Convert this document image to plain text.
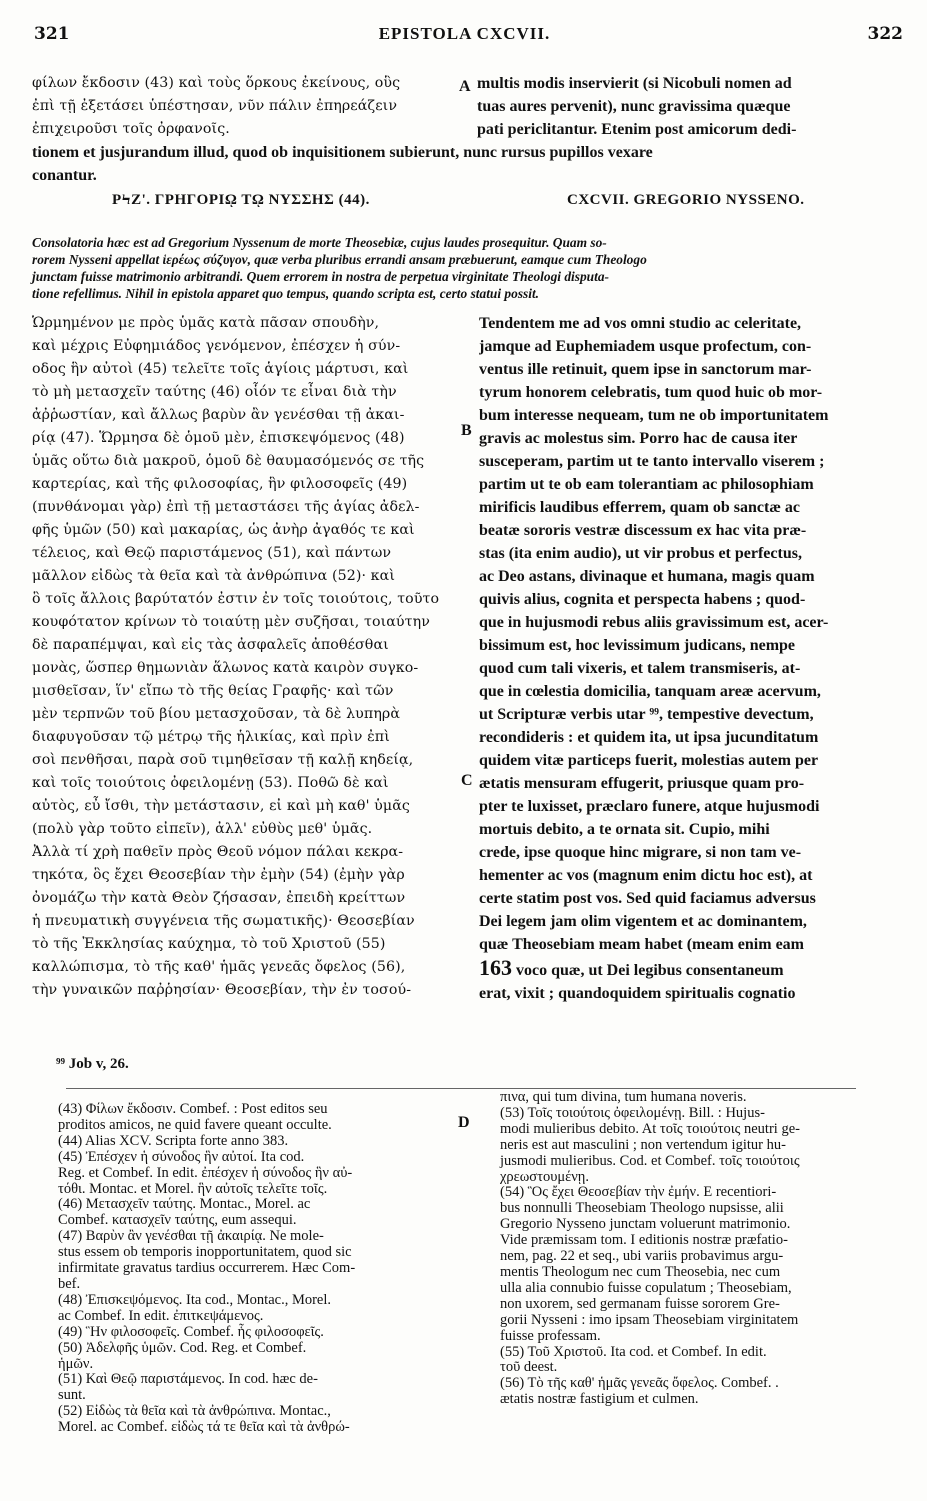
321	EPISTOLA CXCVII.	322
φίλων ἔκδοσιν (43) καὶ τοὺς ὅρκους ἐκείνους, οὓς
ἐπὶ τῇ ἐξετάσει ὑπέστησαν, νῦν πάλιν ἐπηρεάζειν
ἐπιχειροῦσι τοῖς ὀρφανοῖς.
A multis modis inservierit (si Nicobuli nomen ad
tuas aures pervenit), nunc gravissima quæque
pati periclitantur. Etenim post amicorum dedi-
tionem et jusjurandum illud, quod ob inquisitionem subierunt, nunc rursus pupillos vexare
conantur.
ΡϞΖ'. ΓΡΗΓΟΡΙῼ Τῼ ΝΥΣΣΗΣ (44).	CXCVII. GREGORIO NYSSENO.
Consolatoria hæc est ad Gregorium Nyssenum de morte Theosebiæ, cujus laudes prosequitur. Quam so-
rorem Nysseni appellat ἱερέως σύζυγον, quæ verba pluribus errandi ansam præbuerunt, eamque cum Theologo
junctam fuisse matrimonio arbitrandi. Quem errorem in nostra de perpetua virginitate Theologi disputa-
tione refellimus. Nihil in epistola apparet quo tempus, quando scripta est, certo statui possit.
Ὡρμημένον με πρὸς ὑμᾶς κατὰ πᾶσαν σπουδὴν,
καὶ μέχρις Εὐφημιάδος γενόμενον, ἐπέσχεν ἡ σύν-
οδος ἣν αὐτοὶ (45) τελεῖτε τοῖς ἁγίοις μάρτυσι, καὶ
τὸ μὴ μετασχεῖν ταύτης (46) οἷόν τε εἶναι διὰ τὴν
ἀῤῥωστίαν, καὶ ἄλλως βαρὺν ἂν γενέσθαι τῇ ἀκαι-
ρίᾳ (47). Ὥρμησα δὲ ὁμοῦ μὲν, ἐπισκεψόμενος (48)
ὑμᾶς οὕτω διὰ μακροῦ, ὁμοῦ δὲ θαυμασόμενός σε τῆς
καρτερίας, καὶ τῆς φιλοσοφίας, ἣν φιλοσοφεῖς (49)
(πυνθάνομαι γὰρ) ἐπὶ τῇ μεταστάσει τῆς ἁγίας ἀδελ-
φῆς ὑμῶν (50) καὶ μακαρίας, ὡς ἀνὴρ ἀγαθός τε καὶ
τέλειος, καὶ Θεῷ παριστάμενος (51), καὶ πάντων
μᾶλλον εἰδὼς τὰ θεῖα καὶ τὰ ἀνθρώπινα (52)· καὶ
ὃ τοῖς ἄλλοις βαρύτατόν ἐστιν ἐν τοῖς τοιούτοις, τοῦτο
κουφότατον κρίνων τὸ τοιαύτῃ μὲν συζῆσαι, τοιαύτην
δὲ παραπέμψαι, καὶ εἰς τὰς ἀσφαλεῖς ἀποθέσθαι
μονὰς, ὥσπερ θημωνιὰν ἅλωνος κατὰ καιρὸν συγκο-
μισθεῖσαν, ἵν' εἴπω τὸ τῆς θείας Γραφῆς· καὶ τῶν
μὲν τερπνῶν τοῦ βίου μετασχοῦσαν, τὰ δὲ λυπηρὰ
διαφυγοῦσαν τῷ μέτρῳ τῆς ἡλικίας, καὶ πρὶν ἐπὶ
σοὶ πενθῆσαι, παρὰ σοῦ τιμηθεῖσαν τῇ καλῇ κηδείᾳ,
καὶ τοῖς τοιούτοις ὀφειλομένῃ (53). Ποθῶ δὲ καὶ
αὐτὸς, εὖ ἴσθι, τὴν μετάστασιν, εἰ καὶ μὴ καθ' ὑμᾶς
(πολὺ γὰρ τοῦτο εἰπεῖν), ἀλλ' εὐθὺς μεθ' ὑμᾶς.
Ἀλλὰ τί χρὴ παθεῖν πρὸς Θεοῦ νόμον πάλαι κεκρα-
τηκότα, ὃς ἔχει Θεοσεβίαν τὴν ἐμὴν (54) (ἐμὴν γὰρ
ὀνομάζω τὴν κατὰ Θεὸν ζήσασαν, ἐπειδὴ κρείττων
ἡ πνευματικὴ συγγένεια τῆς σωματικῆς)· Θεοσεβίαν
τὸ τῆς Ἐκκλησίας καύχημα, τὸ τοῦ Χριστοῦ (55)
καλλώπισμα, τὸ τῆς καθ' ἡμᾶς γενεᾶς ὄφελος (56),
τὴν γυναικῶν παῤῥησίαν· Θεοσεβίαν, τὴν ἐν τοσού-
B
C
Tendentem me ad vos omni studio ac celeritate,
jamque ad Euphemiadem usque profectum, con-
ventus ille retinuit, quem ipse in sanctorum mar-
tyrum honorem celebratis, tum quod huic ob mor-
bum interesse nequeam, tum ne ob importunitatem
gravis ac molestus sim. Porro hac de causa iter
susceperam, partim ut te tanto intervallo viserem ;
partim ut te ob eam tolerantiam ac philosophiam
mirificis laudibus efferrem, quam ob sanctæ ac
beatæ sororis vestræ discessum ex hac vita præ-
stas (ita enim audio), ut vir probus et perfectus,
ac Deo astans, divinaque et humana, magis quam
quivis alius, cognita et perspecta habens ; quod-
que in hujusmodi rebus aliis gravissimum est, acer-
bissimum est, hoc levissimum judicans, nempe
quod cum tali vixeris, et talem transmiseris, at-
que in cœlestia domicilia, tanquam areæ acervum,
ut Scripturæ verbis utar ⁹⁹, tempestive devectum,
recondideris : et quidem ita, ut ipsa jucunditatum
quidem vitæ particeps fuerit, molestias autem per
ætatis mensuram effugerit, priusque quam pro-
pter te luxisset, præclaro funere, atque hujusmodi
mortuis debito, a te ornata sit. Cupio, mihi
crede, ipse quoque hinc migrare, si non tam ve-
hementer ac vos (magnum enim dictu hoc est), at
certe statim post vos. Sed quid faciamus adversus
Dei legem jam olim vigentem et ac dominantem,
quæ Theosebiam meam habet (meam enim eam
163 voco quæ, ut Dei legibus consentaneum
erat, vixit ; quandoquidem spiritualis cognatio
⁹⁹ Job v, 26.
(43) Φίλων ἔκδοσιν. Combef. : Post editos seu
proditos amicos, ne quid favere queant occulte.
(44) Alias XCV. Scripta forte anno 383.
(45) Ἐπέσχεν ἡ σύνοδος ἣν αὐτοί. Ita cod.
Reg. et Combef. In edit. ἐπέσχεν ἡ σύνοδος ἣν αὐ-
τόθι. Montac. et Morel. ἣν αὐτοῖς τελεῖτε τοῖς.
(46) Μετασχεῖν ταύτης. Montac., Morel. ac
Combef. κατασχεῖν ταύτης, eum assequi.
(47) Βαρὺν ἂν γενέσθαι τῇ ἀκαιρίᾳ. Ne mole-
stus essem ob temporis inopportunitatem, quod sic
infirmitate gravatus tardius occurrerem. Hæc Com-
bef.
(48) Ἐπισκεψόμενος. Ita cod., Montac., Morel.
ac Combef. In edit. ἐπιτκεψάμενος.
(49) Ἣν φιλοσοφεῖς. Combef. ἧς φιλοσοφεῖς.
(50) Ἀδελφῆς ὑμῶν. Cod. Reg. et Combef.
ἡμῶν.
(51) Καὶ Θεῷ παριστάμενος. In cod. hæc de-
sunt.
(52) Εἰδὼς τὰ θεῖα καὶ τὰ ἀνθρώπινα. Montac.,
Morel. ac Combef. εἰδὼς τά τε θεῖα καὶ τὰ ἀνθρώ-
D
πινα, qui tum divina, tum humana noveris.
(53) Τοῖς τοιούτοις ὀφειλομένῃ. Bill. : Hujus-
modi mulieribus debito. At τοῖς τοιούτοις neutri ge-
neris est aut masculini ; non vertendum igitur hu-
jusmodi mulieribus. Cod. et Combef. τοῖς τοιούτοις
χρεωστουμένῃ.
(54) Ὃς ἔχει Θεοσεβίαν τὴν ἐμήν. E recentiori-
bus nonnulli Theosebiam Theologo nupsisse, alii
Gregorio Nysseno junctam voluerunt matrimonio.
Vide præmissam tom. I editionis nostræ præfatio-
nem, pag. 22 et seq., ubi variis probavimus argu-
mentis Theologum nec cum Theosebia, nec cum
ulla alia connubio fuisse copulatum ; Theosebiam,
non uxorem, sed germanam fuisse sororem Gre-
gorii Nysseni : imo ipsam Theosebiam virginitatem
fuisse professam.
(55) Τοῦ Χριστοῦ. Ita cod. et Combef. In edit.
τοῦ deest.
(56) Τὸ τῆς καθ' ἡμᾶς γενεᾶς ὄφελος. Combef. .
ætatis nostræ fastigium et culmen.
